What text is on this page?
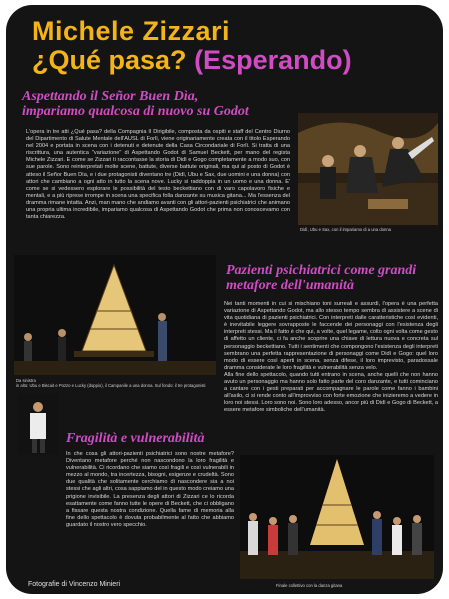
Michele Zizzari
¿Qué pasa? (Esperando)
Aspettando il Señor Buen Dìa,
impariamo qualcosa di nuovo su Godot

L'opera in tre atti ¿Qué pasa? della Compagnia Il Dirigibile, composta da ospiti e staff del Centro Diurno del Dipartimento di Salute Mentale dell'AUSL di Forlì, viene originariamente creata con il titolo Esperando nel 2004 e portata in scena con i detenuti e detenute della Casa Circondariale di Forlì. Si tratta di una riscrittura, una autentica "variazione" di Aspettando Godot di Samuel Beckett, per mano del regista Michele Zizzari. E come se Zizzari ti raccontasse la storia di Didì e Gogo completamente a modo suo, con sue parole. Sono reinterpretati molte scene, battute, diverse battute originali, ma qui al posto di Godot è atteso il Señor Buen Dìa, e i due protagonisti diventano tre (Didì, Ubu e Sax, due uomini e una donna) con attori che cambiano a ogni atto in tutto la scena nove. Lucky si raddoppia in un uomo e una donna. E' come se si vedessero esplorare le possibilità del testo beckettiano con di varo capolavoro fisiche e mentali, e a più riprese irrompe in scena una specifica folla danzante su musica gitana... Ma l'essenza del dramma rimane intatta. Anzi, man mano che andiamo avanti con gli attori-pazienti psichiatrici che animano una propria ultima incredibile, impariamo qualcosa di Aspettando Godot che prima non conoscevamo con tanta chiarezza.

Didì, Ubu e Sax, con il impariamo di a una donna
Pazienti psichiatrici come grandi
metafore dell'umanità
Da sinistra
in alto: Ubu e Biscuit e Pozzo e Lucky (doppio), il Campanile a una donna. Sul fondo: il tre protagonisti

Nei tanti momenti in cui si mischiano toni surreali e assurdi, l'opera è una perfetta variazione di Aspettando Godot, ma allo stesso tempo sembra di assistere a scene di vita quotidiana di pazienti psichiatrici. Con interpreti dalle caratteristiche così evidenti, è inevitabile leggere sovrapposte le faccende dei personaggi con l'esistenza degli interpreti stessi. Ma il fatto è che qui, a volte, quel legame, colto ogni volta come gesto di affetto un cliente, ci fa anche scoprire una chiave di lettura nuova e concreta sul personaggio beckettiano. Tutti i sentimenti che compongono l'esistenza degli interpreti sembrano una perfetta rappresentazione di personaggi come Didì e Gogo: quel loro modo di essere così aperti in scena, senza difese, il loro imprevisto, paradossale dramma considerate le loro fragilità e vulnerabilità senza velo.

Alla fine dello spettacolo, quando tutti entrano in scena, anche quelli che non hanno avuto un personaggio ma hanno solo fatto parte del coro danzante, e tutti cominciano a cantare con i gesti preparati per accompagnare le parole come fanno i bambini all'asilo, ci si rende conto all'improvviso con forte emozione che inizieremo a vedere in loro noi stessi. Loro sono noi. Sono loro adesso, ancor più di Didì e Gogo di Beckett, a essere metafore simboliche dell'umanità.

Fragilità e vulnerabilità

In che cosa gli attori-pazienti psichiatrici sono nostre metafore? Diventano metafore perché non nascondono la loro fragilità e vulnerabilità. Ci ricordano che siamo così fragili e così vulnerabili in mezzo al mondo, tra incertezza, bisogni, esigenze e crudeltà. Sono due qualità che solitamente cerchiamo di nascondere sia a noi stessi che agli altri, cosa sappiamo del in questo modo creiamo una prigione invisibile. La presenza degli attori di Zizzari ce lo ricorda esattamente come fanno tutte le opere di Beckett, che ci obbligano a fissare questa nostra condizione. Quella fame di memoria alla fine dello spettacolo è dovuta probabilmente al fatto che abbiamo guardato il nostro vero specchio.

Finale collettivo con la danza gitana
Fotografie di Vincenzo Minieri
